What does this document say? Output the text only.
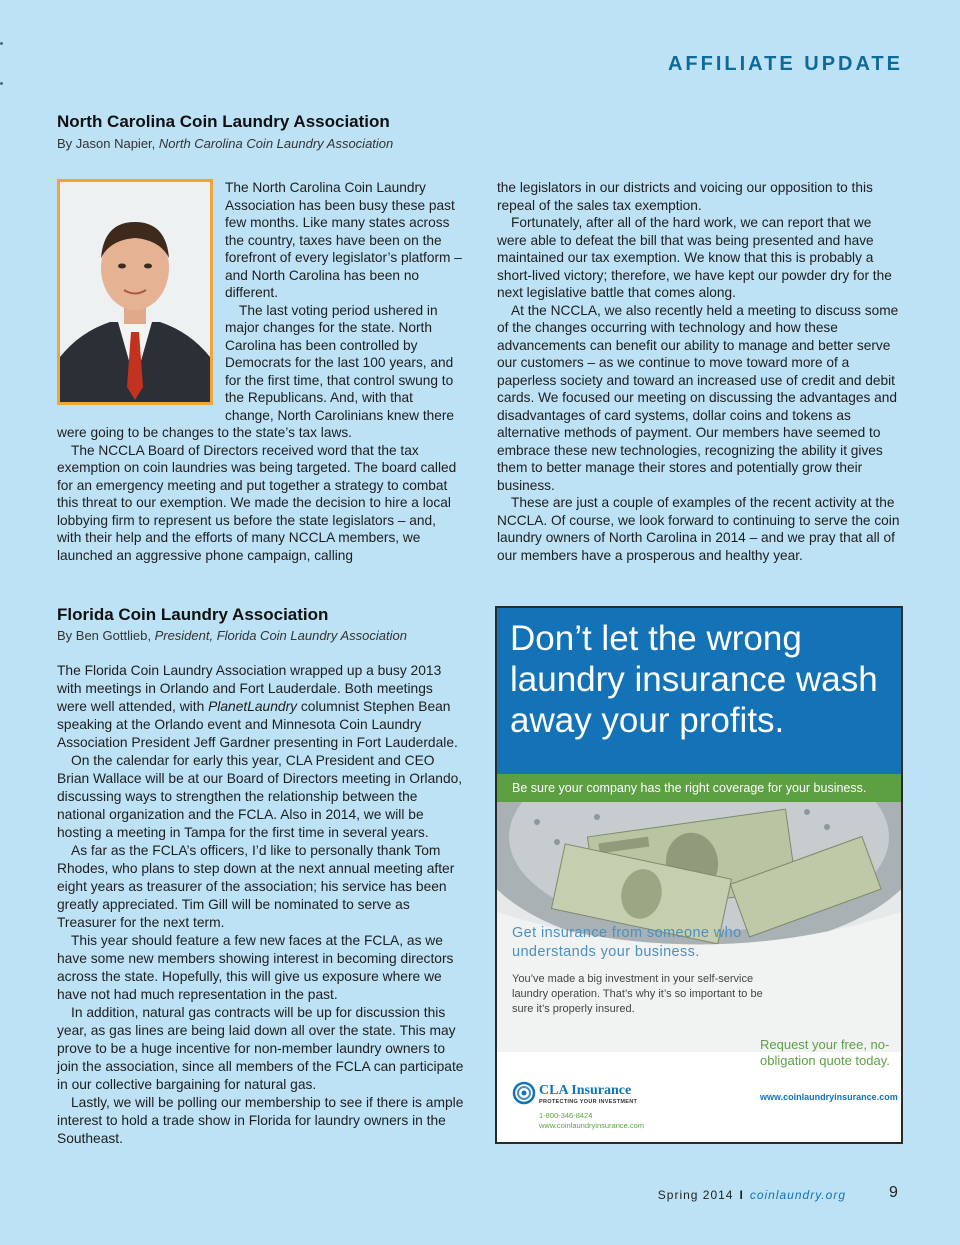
AFFILIATE UPDATE
North Carolina Coin Laundry Association
By Jason Napier, North Carolina Coin Laundry Association

The North Carolina Coin Laundry Association has been busy these past few months. Like many states across the country, taxes have been on the forefront of every legislator’s platform – and North Carolina has been no different.

The last voting period ushered in major changes for the state. North Carolina has been controlled by Democrats for the last 100 years, and for the first time, that control swung to the Republicans. And, with that change, North Carolinians knew there were going to be changes to the state’s tax laws.

The NCCLA Board of Directors received word that the tax exemption on coin laundries was being targeted. The board called for an emergency meeting and put together a strategy to combat this threat to our exemption. We made the decision to hire a local lobbying firm to represent us before the state legislators – and, with their help and the efforts of many NCCLA members, we launched an aggressive phone campaign, calling

the legislators in our districts and voicing our opposition to this repeal of the sales tax exemption.

Fortunately, after all of the hard work, we can report that we were able to defeat the bill that was being presented and have maintained our tax exemption. We know that this is probably a short-lived victory; therefore, we have kept our powder dry for the next legislative battle that comes along.

At the NCCLA, we also recently held a meeting to discuss some of the changes occurring with technology and how these advancements can benefit our ability to manage and better serve our customers – as we continue to move toward more of a paperless society and toward an increased use of credit and debit cards. We focused our meeting on discussing the advantages and disadvantages of card systems, dollar coins and tokens as alternative methods of payment. Our members have seemed to embrace these new technologies, recognizing the ability it gives them to better manage their stores and potentially grow their business.

These are just a couple of examples of the recent activity at the NCCLA. Of course, we look forward to continuing to serve the coin laundry owners of North Carolina in 2014 – and we pray that all of our members have a prosperous and healthy year.

Florida Coin Laundry Association
By Ben Gottlieb, President, Florida Coin Laundry Association

The Florida Coin Laundry Association wrapped up a busy 2013 with meetings in Orlando and Fort Lauderdale. Both meetings were well attended, with PlanetLaundry columnist Stephen Bean speaking at the Orlando event and Minnesota Coin Laundry Association President Jeff Gardner presenting in Fort Lauderdale.

On the calendar for early this year, CLA President and CEO Brian Wallace will be at our Board of Directors meeting in Orlando, discussing ways to strengthen the relationship between the national organization and the FCLA. Also in 2014, we will be hosting a meeting in Tampa for the first time in several years.

As far as the FCLA’s officers, I’d like to personally thank Tom Rhodes, who plans to step down at the next annual meeting after eight years as treasurer of the association; his service has been greatly appreciated. Tim Gill will be nominated to serve as Treasurer for the next term.

This year should feature a few new faces at the FCLA, as we have some new members showing interest in becoming directors across the state. Hopefully, this will give us exposure where we have not had much representation in the past.

In addition, natural gas contracts will be up for discussion this year, as gas lines are being laid down all over the state. This may prove to be a huge incentive for non-member laundry owners to join the association, since all members of the FCLA can participate in our collective bargaining for natural gas.

Lastly, we will be polling our membership to see if there is ample interest to hold a trade show in Florida for laundry owners in the Southeast.

Don’t let the wrong laundry insurance wash away your profits.
Be sure your company has the right coverage for your business.
Get insurance from someone who understands your business.
You’ve made a big investment in your self-service laundry operation. That’s why it’s so important to be sure it’s properly insured.
Request your free, no-obligation quote today.
www.coinlaundryinsurance.com
CLA Insurance
PROTECTING YOUR INVESTMENT
1-800-346-8424
www.coinlaundryinsurance.com
Spring 2014 I coinlaundry.org	9
